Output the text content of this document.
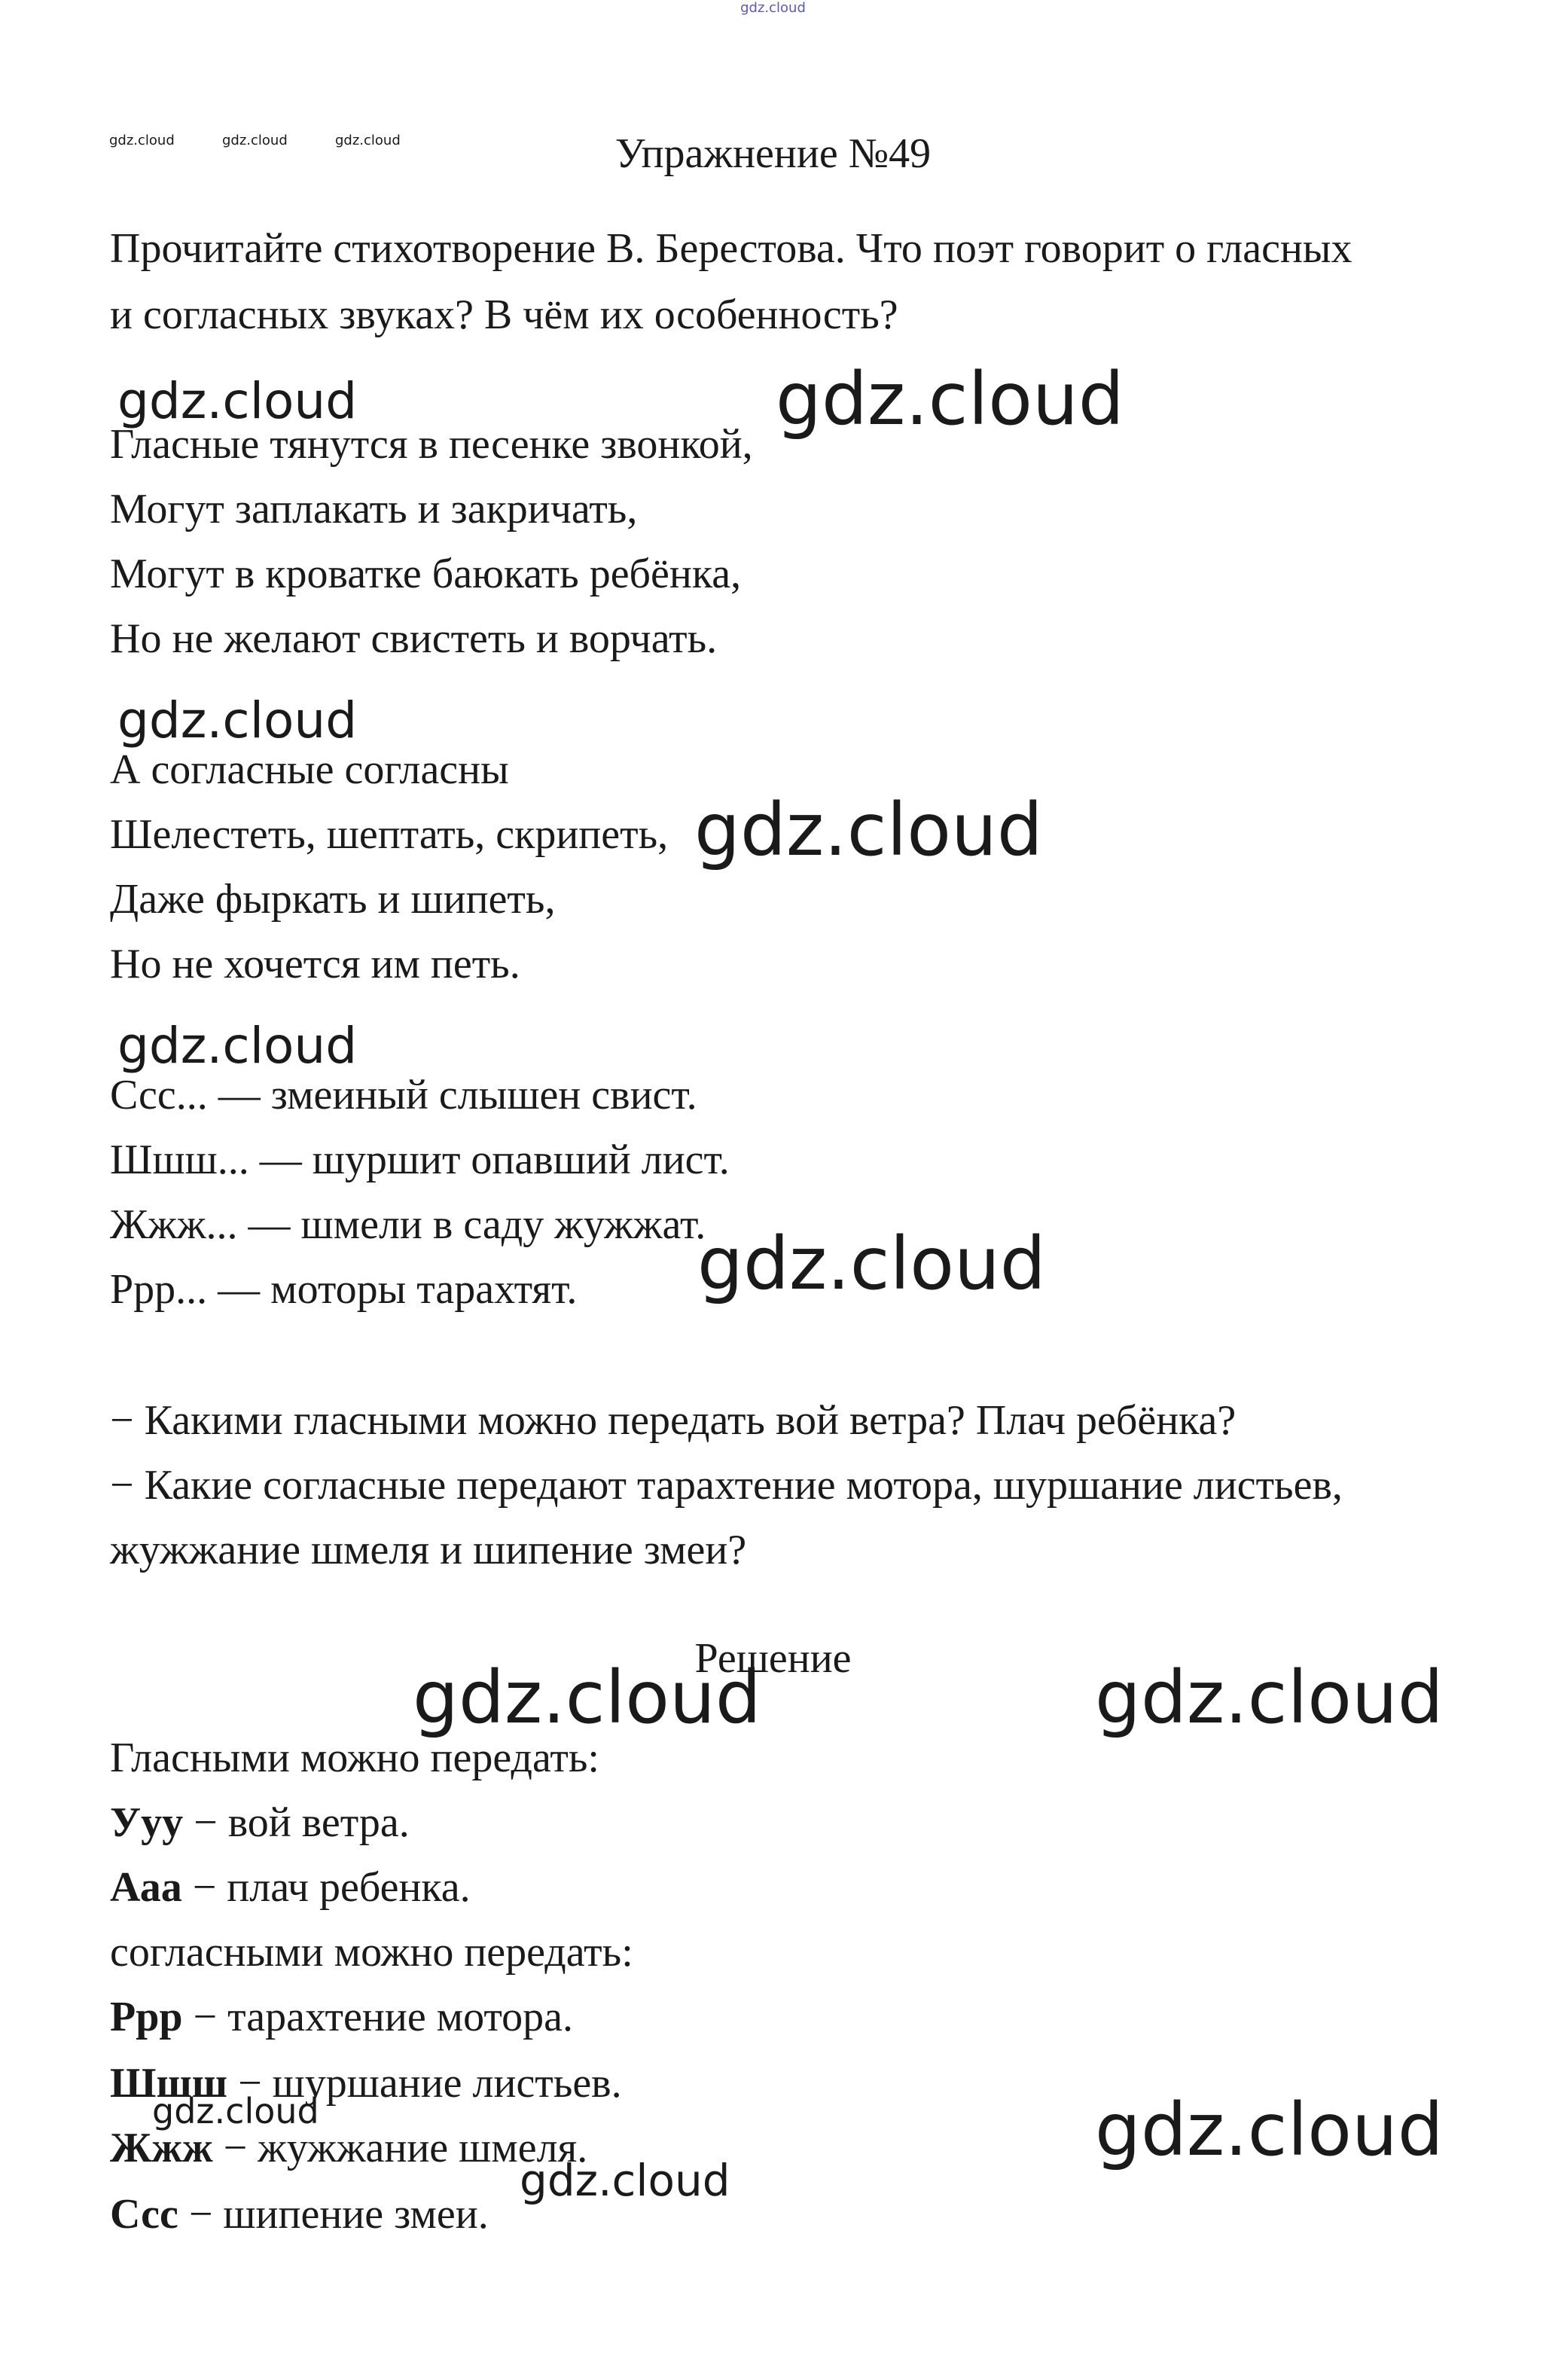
gdz.cloud
gdz.cloud	gdz.cloud	gdz.cloud	Упражнение №49
Прочитайте стихотворение В. Берестова. Что поэт говорит о гласных
и согласных звуках? В чём их особенность?
Гласные тянутся в песенке звонкой,
Могут заплакать и закричать,
Могут в кроватке баюкать ребёнка,
Но не желают свистеть и ворчать.
А согласные согласны
Шелестеть, шептать, скрипеть,
Даже фыркать и шипеть,
Но не хочется им петь.
Ссс... — змеиный слышен свист.
Шшш... — шуршит опавший лист.
Жжж... — шмели в саду жужжат.
Ррр... — моторы тарахтят.
− Какими гласными можно передать вой ветра? Плач ребёнка?
− Какие согласные передают тарахтение мотора, шуршание листьев,
жужжание шмеля и шипение змеи?
Решение
Гласными можно передать:
Ууу − вой ветра.
Ааа − плач ребенка.
согласными можно передать:
Ррр − тарахтение мотора.
Шшш − шуршание листьев.
Жжж − жужжание шмеля.
Ссс − шипение змеи.
gdz.cloud	gdz.cloud
gdz.cloud
gdz.cloud
gdz.cloud
gdz.cloud
gdz.cloud	gdz.cloud
gdz.cloud	gdz.cloud
gdz.cloud
